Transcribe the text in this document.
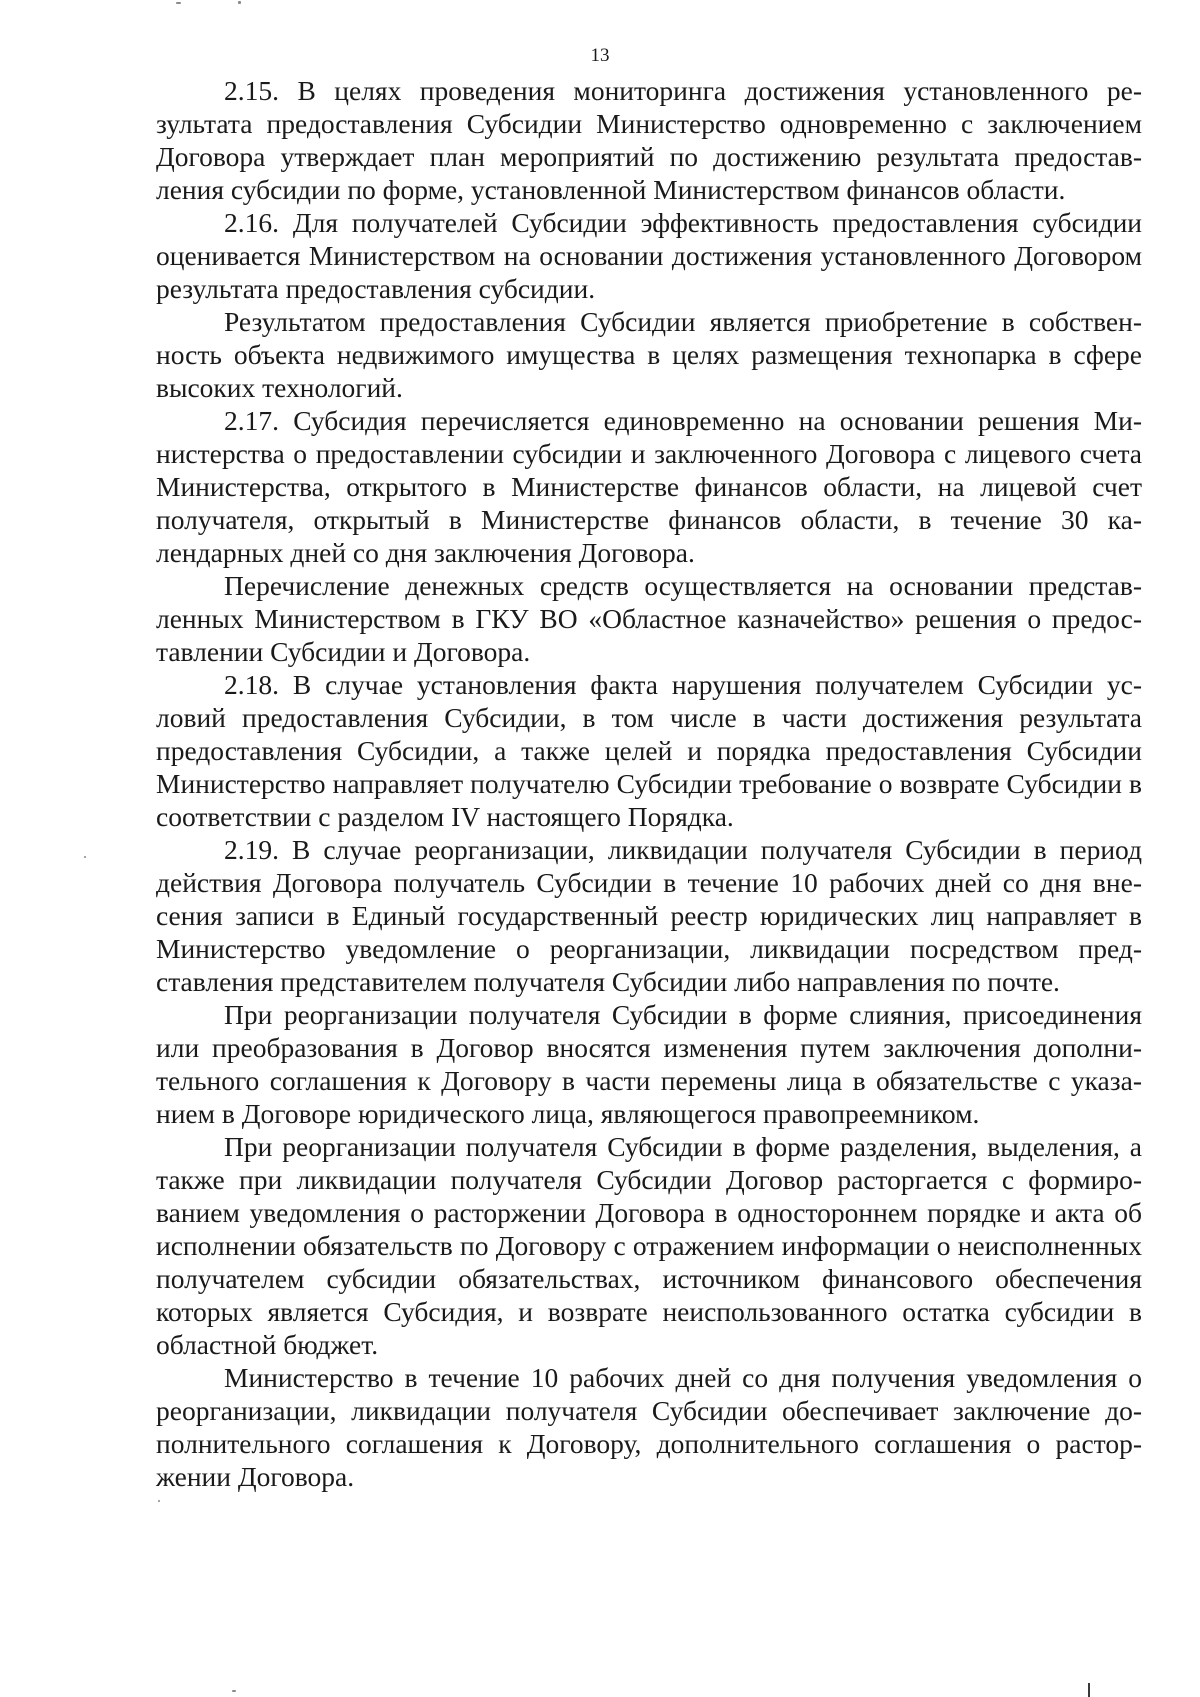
13

2.15. В целях проведения мониторинга достижения установленного результата предоставления Субсидии Министерство одновременно с заключением Договора утверждает план мероприятий по достижению результата предоставления субсидии по форме, установленной Министерством финансов области.

2.16. Для получателей Субсидии эффективность предоставления субсидии оценивается Министерством на основании достижения установленного Договором результата предоставления субсидии.

Результатом предоставления Субсидии является приобретение в собственность объекта недвижимого имущества в целях размещения технопарка в сфере высоких технологий.

2.17. Субсидия перечисляется единовременно на основании решения Министерства о предоставлении субсидии и заключенного Договора с лицевого счета Министерства, открытого в Министерстве финансов области, на лицевой счет получателя, открытый в Министерстве финансов области, в течение 30 календарных дней со дня заключения Договора.

Перечисление денежных средств осуществляется на основании представленных Министерством в ГКУ ВО «Областное казначейство» решения о предоставлении Субсидии и Договора.

2.18. В случае установления факта нарушения получателем Субсидии условий предоставления Субсидии, в том числе в части достижения результата предоставления Субсидии, а также целей и порядка предоставления Субсидии Министерство направляет получателю Субсидии требование о возврате Субсидии в соответствии с разделом IV настоящего Порядка.

2.19. В случае реорганизации, ликвидации получателя Субсидии в период действия Договора получатель Субсидии в течение 10 рабочих дней со дня внесения записи в Единый государственный реестр юридических лиц направляет в Министерство уведомление о реорганизации, ликвидации посредством представления представителем получателя Субсидии либо направления по почте.

При реорганизации получателя Субсидии в форме слияния, присоединения или преобразования в Договор вносятся изменения путем заключения дополнительного соглашения к Договору в части перемены лица в обязательстве с указанием в Договоре юридического лица, являющегося правопреемником.

При реорганизации получателя Субсидии в форме разделения, выделения, а также при ликвидации получателя Субсидии Договор расторгается с формированием уведомления о расторжении Договора в одностороннем порядке и акта об исполнении обязательств по Договору с отражением информации о неисполненных получателем субсидии обязательствах, источником финансового обеспечения которых является Субсидия, и возврате неиспользованного остатка субсидии в областной бюджет.

Министерство в течение 10 рабочих дней со дня получения уведомления о реорганизации, ликвидации получателя Субсидии обеспечивает заключение дополнительного соглашения к Договору, дополнительного соглашения о расторжении Договора.
